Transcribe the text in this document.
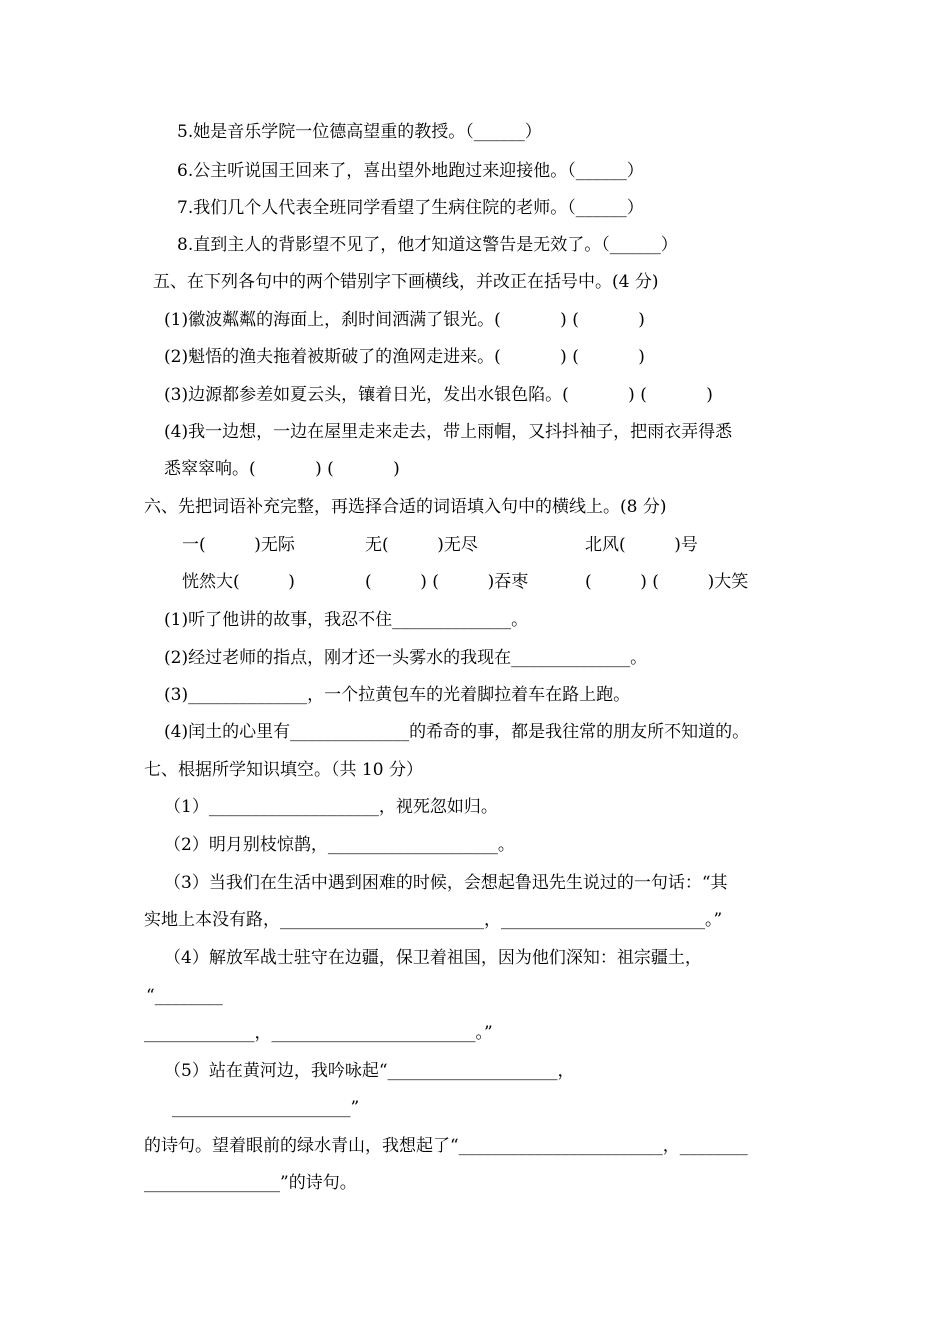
5.她是音乐学院一位德高望重的教授。（______）
6.公主听说国王回来了，喜出望外地跑过来迎接他。（______）
7.我们几个人代表全班同学看望了生病住院的老师。（______）
8.直到主人的背影望不见了，他才知道这警告是无效了。（______）
五、在下列各句中的两个错别字下画横线，并改正在括号中。(4 分)
(1)徽波粼粼的海面上，刹时间洒满了银光。(           ) (           )
(2)魁悟的渔夫拖着被斯破了的渔网走进来。(           ) (           )
(3)边源都参差如夏云头，镶着日光，发出水银色陷。(           ) (           )
(4)我一边想，一边在屋里走来走去，带上雨帽，又抖抖袖子，把雨衣弄得悉
悉窣窣响。(           ) (           )
六、先把词语补充完整，再选择合适的词语填入句中的横线上。(8 分)
一(         )无际	无(         )无尽	北风(         )号
恍然大(         )	(         ) (         )吞枣	(         ) (         )大笑
(1)听了他讲的故事，我忍不住______________。
(2)经过老师的指点，刚才还一头雾水的我现在______________。
(3)______________，一个拉黄包车的光着脚拉着车在路上跑。
(4)闰土的心里有______________的希奇的事，都是我往常的朋友所不知道的。
七、根据所学知识填空。（共 10 分）
（1）____________________，视死忽如归。
（2）明月别枝惊鹊，____________________。
（3）当我们在生活中遇到困难的时候，会想起鲁迅先生说过的一句话：“其
实地上本没有路，________________________，________________________。”
（4）解放军战士驻守在边疆，保卫着祖国，因为他们深知：祖宗疆土，
“________
_____________，________________________。”
（5）站在黄河边，我吟咏起“____________________，
_____________________”
的诗句。望着眼前的绿水青山，我想起了“________________________，________
________________”的诗句。
